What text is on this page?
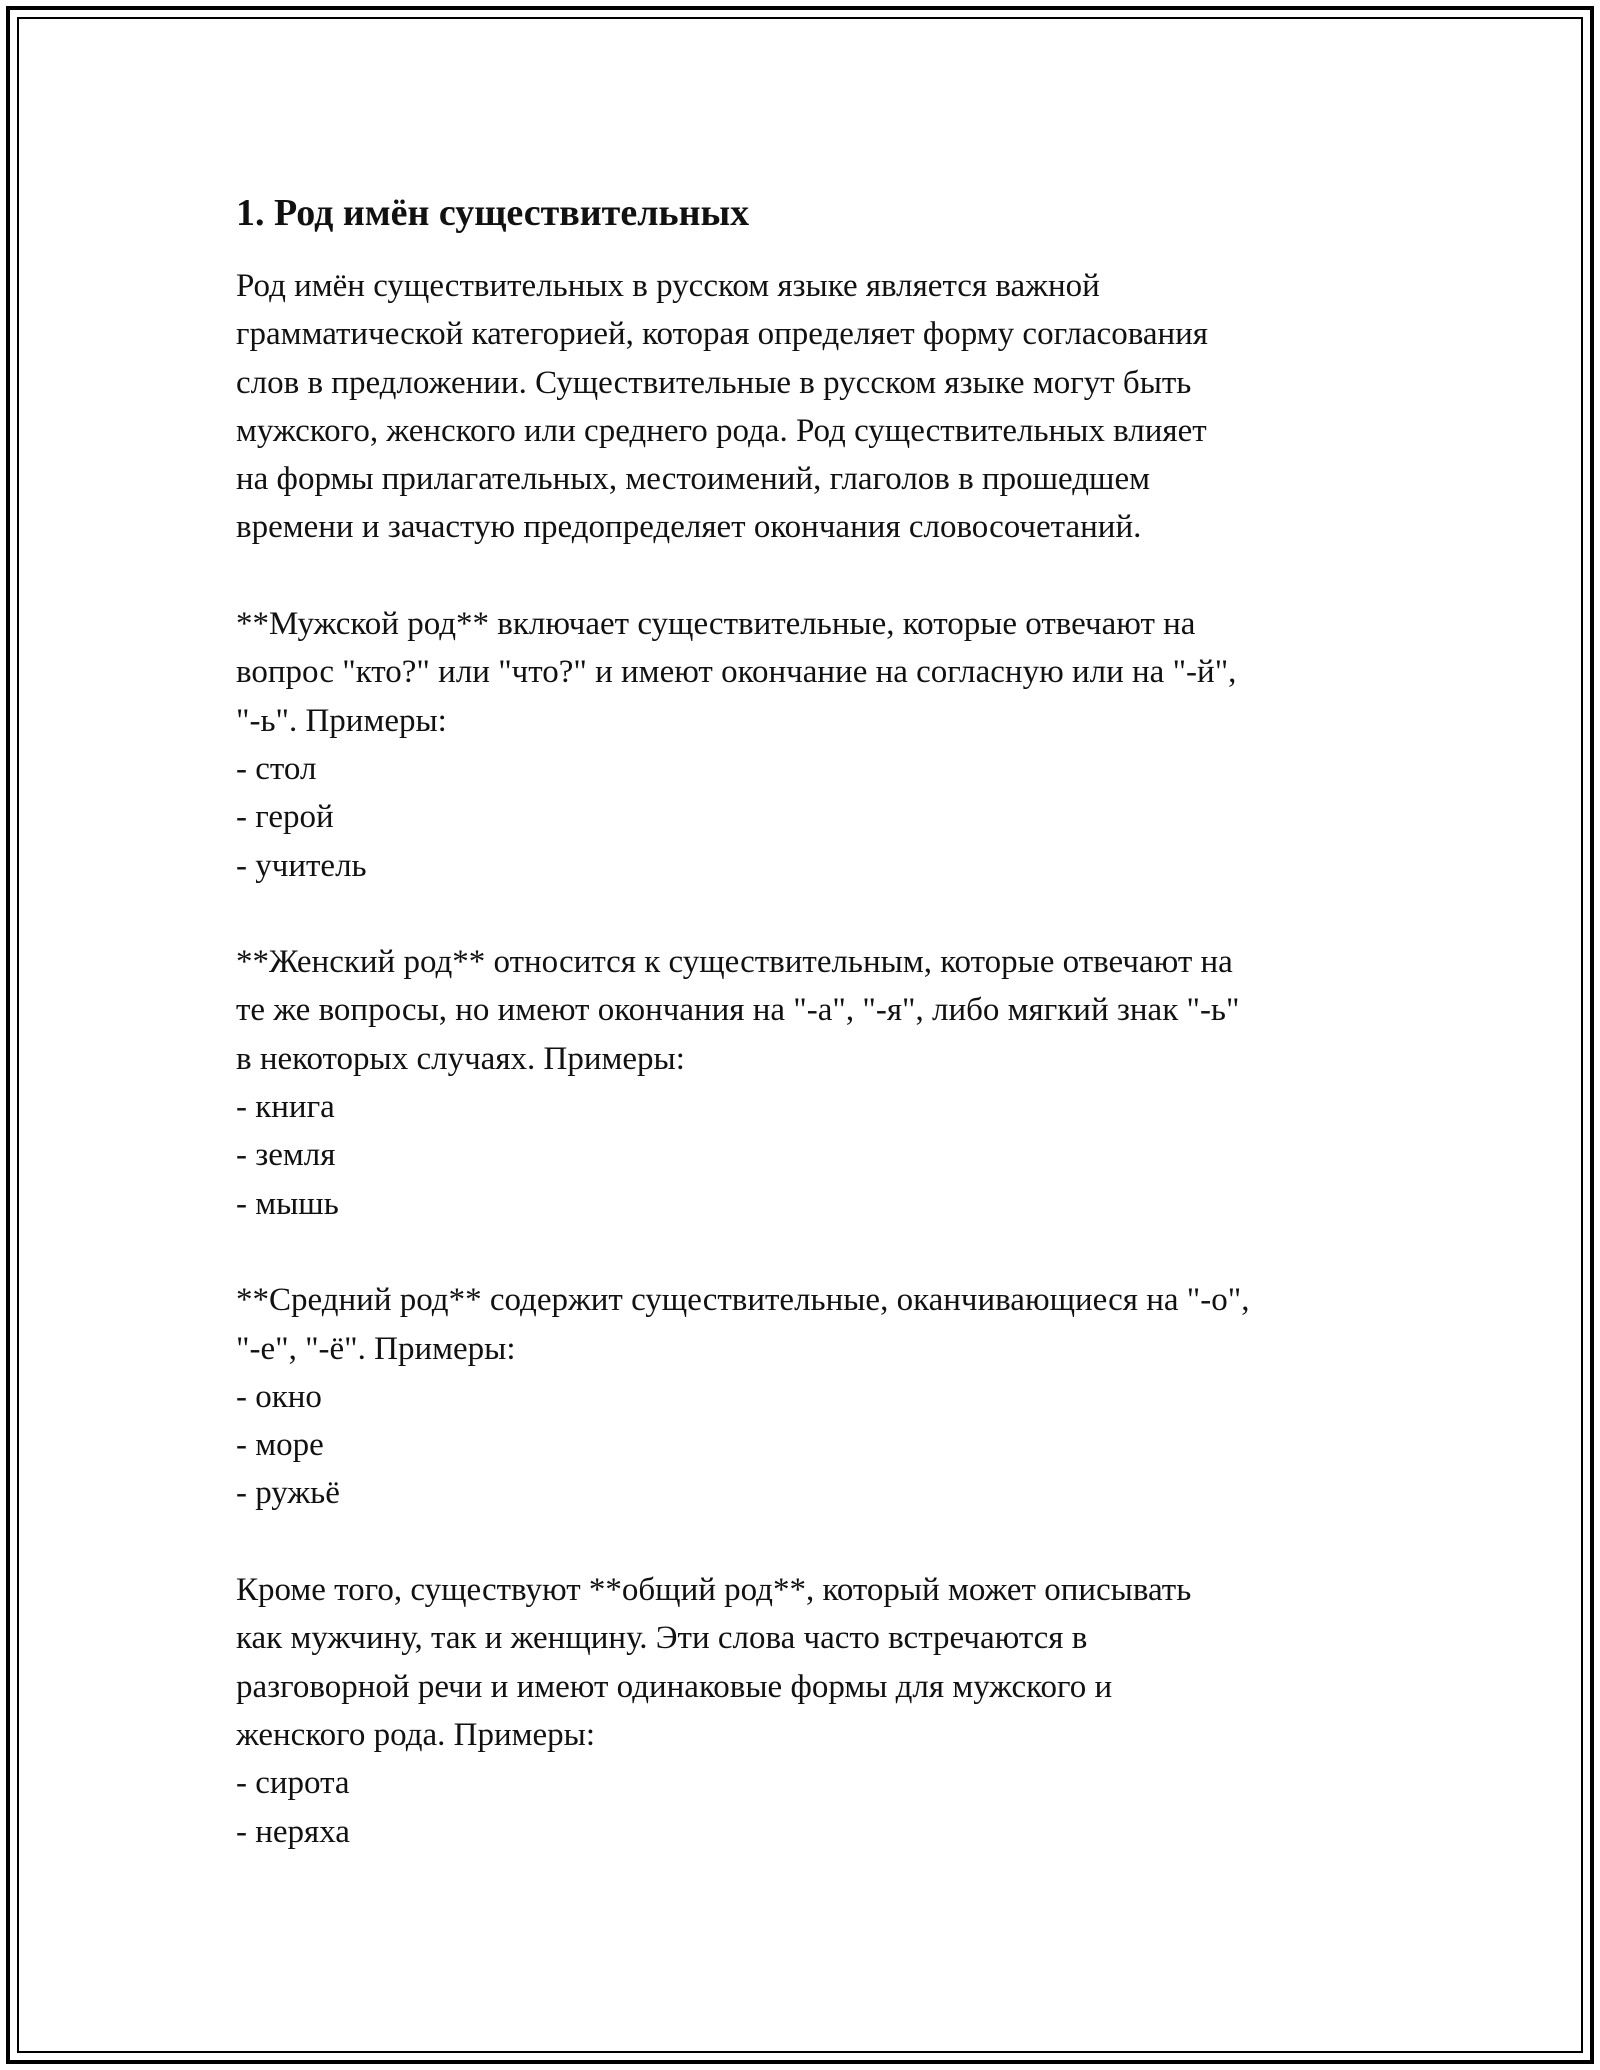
1. Род имён существительных
Род имён существительных в русском языке является важной
грамматической категорией, которая определяет форму согласования
слов в предложении. Существительные в русском языке могут быть
мужского, женского или среднего рода. Род существительных влияет
на формы прилагательных, местоимений, глаголов в прошедшем
времени и зачастую предопределяет окончания словосочетаний.
**Мужской род** включает существительные, которые отвечают на
вопрос "кто?" или "что?" и имеют окончание на согласную или на "-й",
"-ь". Примеры:
- стол
- герой
- учитель
**Женский род** относится к существительным, которые отвечают на
те же вопросы, но имеют окончания на "-а", "-я", либо мягкий знак "-ь"
в некоторых случаях. Примеры:
- книга
- земля
- мышь
**Средний род** содержит существительные, оканчивающиеся на "-о",
"-е", "-ё". Примеры:
- окно
- море
- ружьё
Кроме того, существуют **общий род**, который может описывать
как мужчину, так и женщину. Эти слова часто встречаются в
разговорной речи и имеют одинаковые формы для мужского и
женского рода. Примеры:
- сирота
- неряха
